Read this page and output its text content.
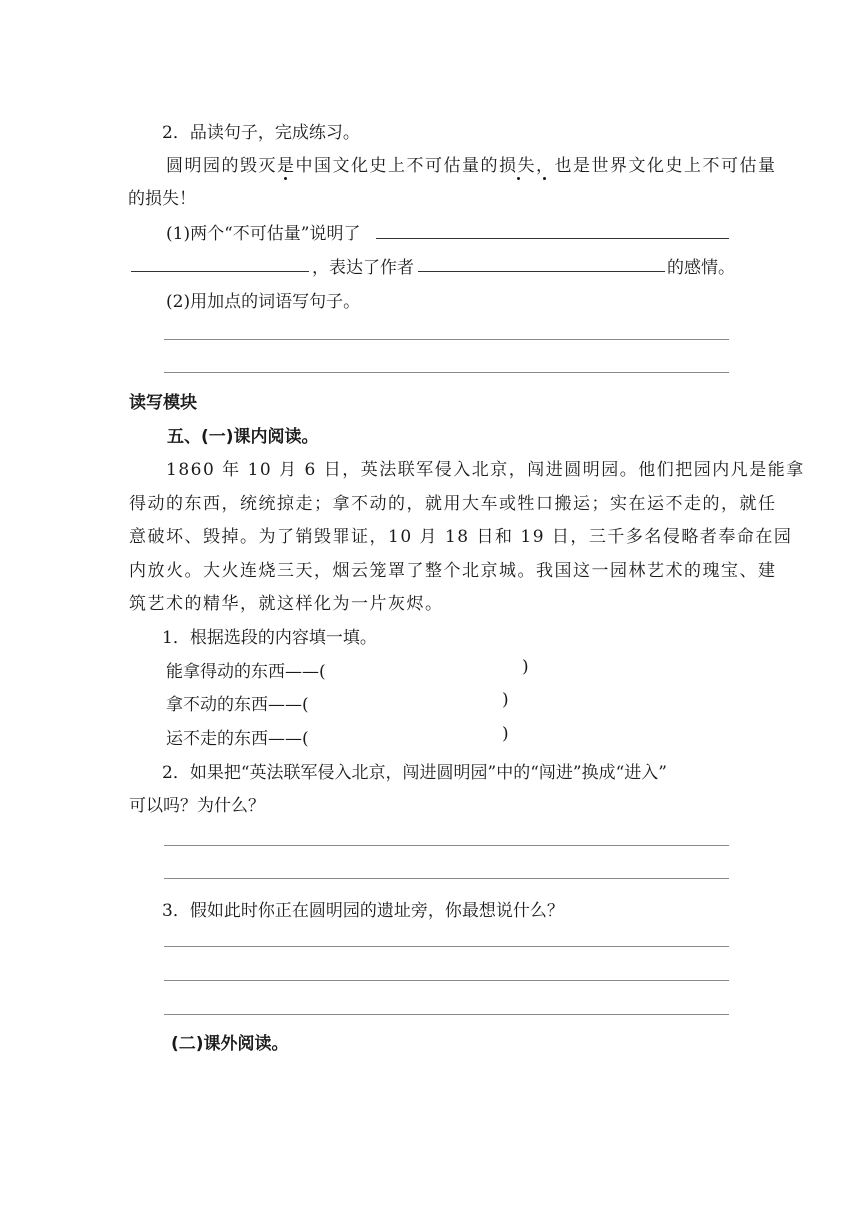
2．品读句子，完成练习。
圆明园的毁灭是中国文化史上不可估量的损失，也是世界文化史上不可估量
的损失！
(1)两个“不可估量”说明了
，表达了作者	的感情。
(2)用加点的词语写句子。
读写模块
五、(一)课内阅读。
1860 年 10 月 6 日，英法联军侵入北京，闯进圆明园。他们把园内凡是能拿
得动的东西，统统掠走；拿不动的，就用大车或牲口搬运；实在运不走的，就任
意破坏、毁掉。为了销毁罪证，10 月 18 日和 19 日，三千多名侵略者奉命在园
内放火。大火连烧三天，烟云笼罩了整个北京城。我国这一园林艺术的瑰宝、建
筑艺术的精华，就这样化为一片灰烬。
1．根据选段的内容填一填。
能拿得动的东西——(	)
拿不动的东西——(	)
运不走的东西——(	)
2．如果把“英法联军侵入北京，闯进圆明园”中的“闯进”换成“进入”
可以吗？为什么？
3．假如此时你正在圆明园的遗址旁，你最想说什么？
(二)课外阅读。
